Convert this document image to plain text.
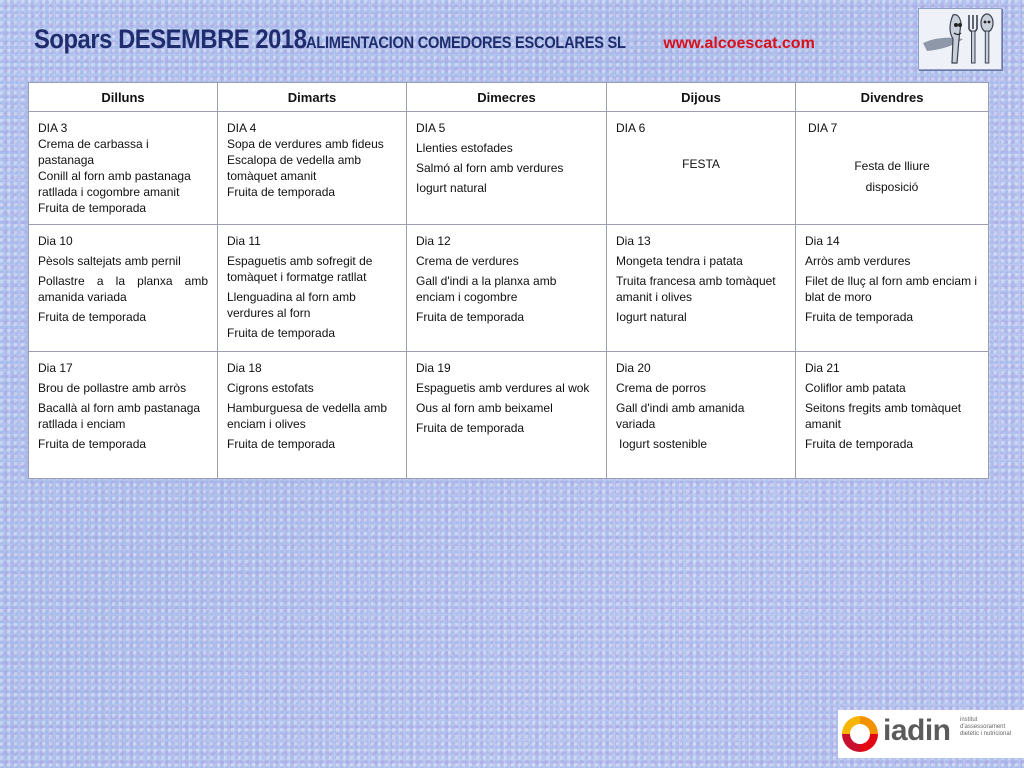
Sopars DESEMBRE 2018 ALIMENTACION COMEDORES ESCOLARES SL www.alcoescat.com
Dilluns	Dimarts	Dimecres	Dijous	Divendres

DIA 3
Crema de carbassa i pastanaga
Conill al forn amb pastanaga ratllada i cogombre amanit
Fruita de temporada	DIA 4
Sopa de verdures amb fideus
Escalopa de vedella amb tomàquet amanit
Fruita de temporada	DIA 5
Llenties estofades
Salmó al forn amb verdures
Iogurt natural	DIA 6
FESTA	DIA 7
Festa de lliure disposició

Dia 10
Pèsols saltejats amb pernil
Pollastre a la planxa amb amanida variada
Fruita de temporada	Dia 11
Espaguetis amb sofregit de tomàquet i formatge ratllat
Llenguadina al forn amb verdures al forn
Fruita de temporada	Dia 12
Crema de verdures
Gall d'indi a la planxa amb enciam i cogombre
Fruita de temporada	Dia 13
Mongeta tendra i patata
Truita francesa amb tomàquet amanit i olives
Iogurt natural	Dia 14
Arròs amb verdures
Filet de lluç al forn amb enciam i blat de moro
Fruita de temporada

Dia 17
Brou de pollastre amb arròs
Bacallà al forn amb pastanaga ratllada i enciam
Fruita de temporada	Dia 18
Cigrons estofats
Hamburguesa de vedella amb enciam i olives
Fruita de temporada	Dia 19
Espaguetis amb verdures al wok
Ous al forn amb beixamel
Fruita de temporada	Dia 20
Crema de porros
Gall d'indi amb amanida variada
Iogurt sostenible	Dia 21
Coliflor amb patata
Seitons fregits amb tomàquet amanit
Fruita de temporada
iadin institut d'assessorament dietètic i nutricional
